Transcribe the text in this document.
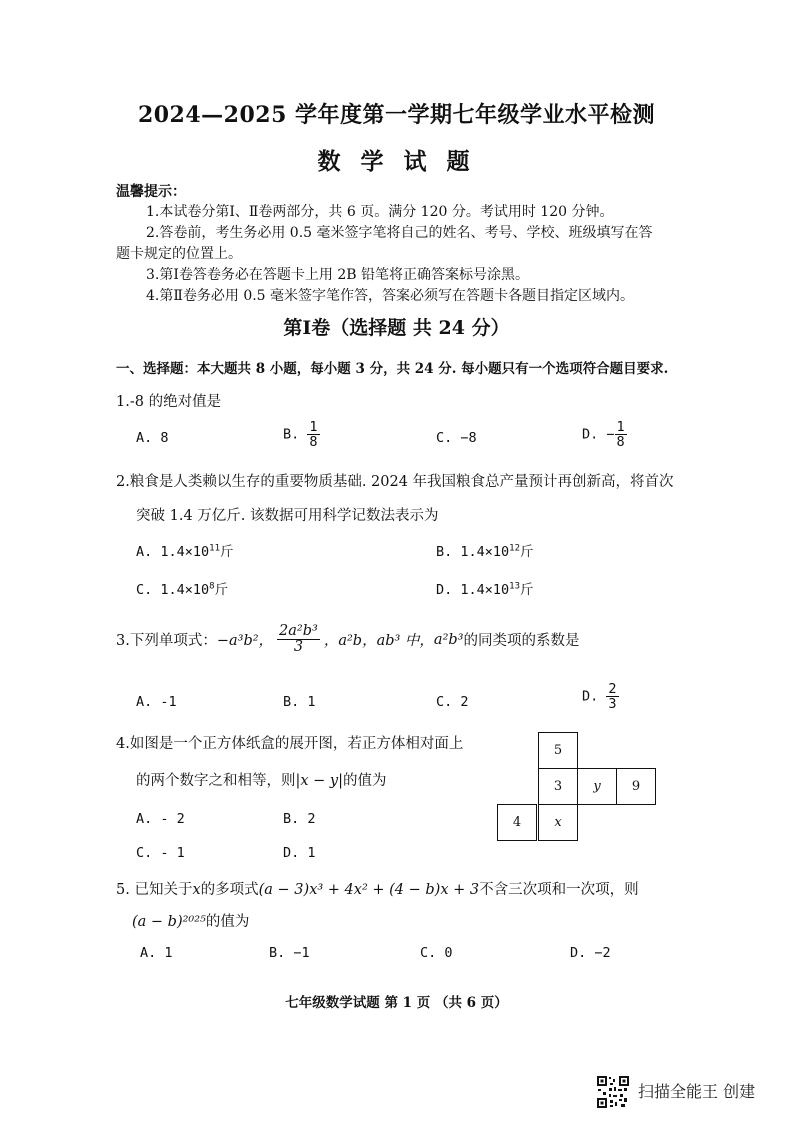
2024—2025 学年度第一学期七年级学业水平检测
数 学 试 题
温馨提示：
1.本试卷分第Ⅰ、Ⅱ卷两部分，共 6 页。满分 120 分。考试用时 120 分钟。
2.答卷前，考生务必用 0.5 毫米签字笔将自己的姓名、考号、学校、班级填写在答
题卡规定的位置上。
3.第Ⅰ卷答卷务必在答题卡上用 2B 铅笔将正确答案标号涂黑。
4.第Ⅱ卷务必用 0.5 毫米签字笔作答，答案必须写在答题卡各题目指定区域内。
第Ⅰ卷（选择题 共 24 分）
一、选择题：本大题共 8 小题，每小题 3 分，共 24 分. 每小题只有一个选项符合题目要求.
1.-8 的绝对值是
A. 8	B. $\frac{1}{8}$	C. −8	D. − $\frac{1}{8}$
2.粮食是人类赖以生存的重要物质基础. 2024 年我国粮食总产量预计再创新高，将首次
突破 1.4 万亿斤. 该数据可用科学记数法表示为
A. $1.4\times 10^{11}$斤	B. $1.4\times 10^{12}$斤
C. $1.4\times 10^8$斤	D. $1.4\times 10^{13}$斤
3.下列单项式： −a³b²， $\frac{\text{2a²b³}}{3}$ ，a²b，ab³ 中， a²b³ 的同类项的系数是
A. -1	B. 1	C. 2	D. $\frac{2}{3}$
4.如图是一个正方体纸盒的展开图，若正方体相对面上
的两个数字之和相等，则|x − y|的值为
A. - 2	B. 2
C. - 1	D. 1
5
3	y	9
4	x
5. 已知关于x的多项式(a − 3)x³ + 4x² + (4 − b)x + 3不含三次项和一次项，则
(a − b)²⁰²⁵的值为
A. 1	B. −1	C. 0	D. −2
七年级数学试题 第 1 页 （共 6 页）
扫描全能王 创建
